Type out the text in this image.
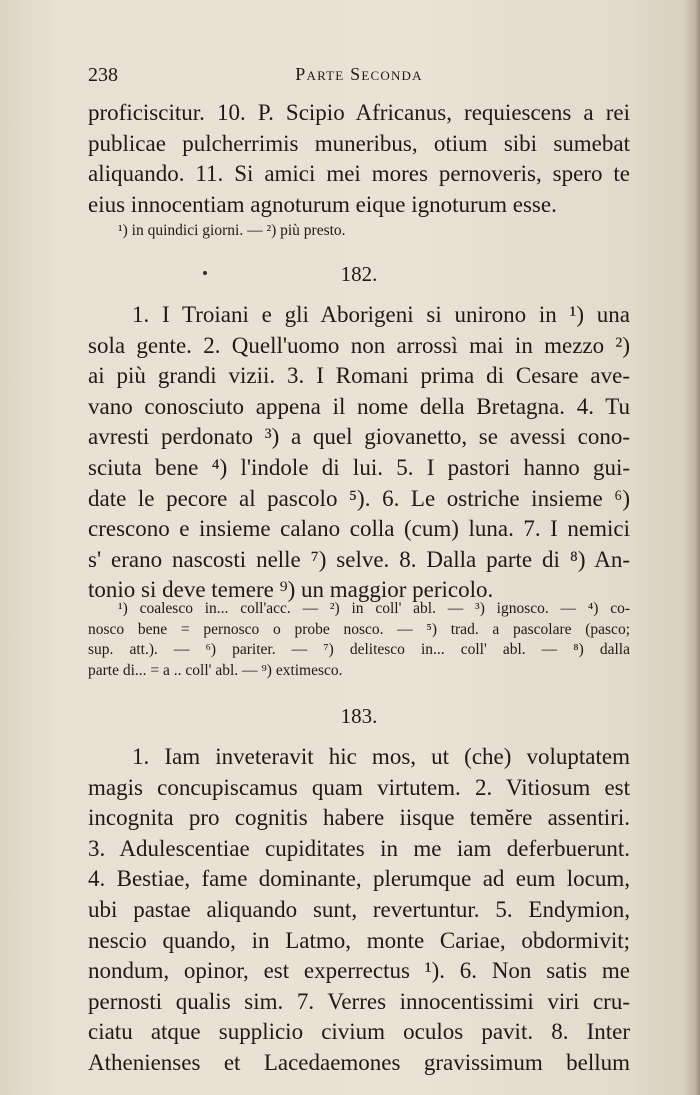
238	Parte Seconda
proficiscitur. 10. P. Scipio Africanus, requiescens a rei
publicae pulcherrimis muneribus, otium sibi sumebat
aliquando. 11. Si amici mei mores pernoveris, spero te
eius innocentiam agnoturum eique ignoturum esse.
¹) in quindici giorni. — ²) più presto.
182.
1. I Troiani e gli Aborigeni si unirono in ¹) una
sola gente. 2. Quell'uomo non arrossì mai in mezzo ²)
ai più grandi vizii. 3. I Romani prima di Cesare ave-
vano conosciuto appena il nome della Bretagna. 4. Tu
avresti perdonato ³) a quel giovanetto, se avessi cono-
sciuta bene ⁴) l'indole di lui. 5. I pastori hanno gui-
date le pecore al pascolo ⁵). 6. Le ostriche insieme ⁶)
crescono e insieme calano colla (cum) luna. 7. I nemici
s' erano nascosti nelle ⁷) selve. 8. Dalla parte di ⁸) An-
tonio si deve temere ⁹) un maggior pericolo.
¹) coalesco in... coll'acc. — ²) in coll' abl. — ³) ignosco. — ⁴) co-
nosco bene = pernosco o probe nosco. — ⁵) trad. a pascolare (pasco;
sup. att.). — ⁶) pariter. — ⁷) delitesco in... coll' abl. — ⁸) dalla
parte di... = a .. coll' abl. — ⁹) extimesco.
183.
1. Iam inveteravit hic mos, ut (che) voluptatem
magis concupiscamus quam virtutem. 2. Vitiosum est
incognita pro cognitis habere iisque temĕre assentiri.
3. Adulescentiae cupiditates in me iam deferbuerunt.
4. Bestiae, fame dominante, plerumque ad eum locum,
ubi pastae aliquando sunt, revertuntur. 5. Endymion,
nescio quando, in Latmo, monte Cariae, obdormivit;
nondum, opinor, est experrectus ¹). 6. Non satis me
pernosti qualis sim. 7. Verres innocentissimi viri cru-
ciatu atque supplicio civium oculos pavit. 8. Inter
Athenienses et Lacedaemones gravissimum bellum
